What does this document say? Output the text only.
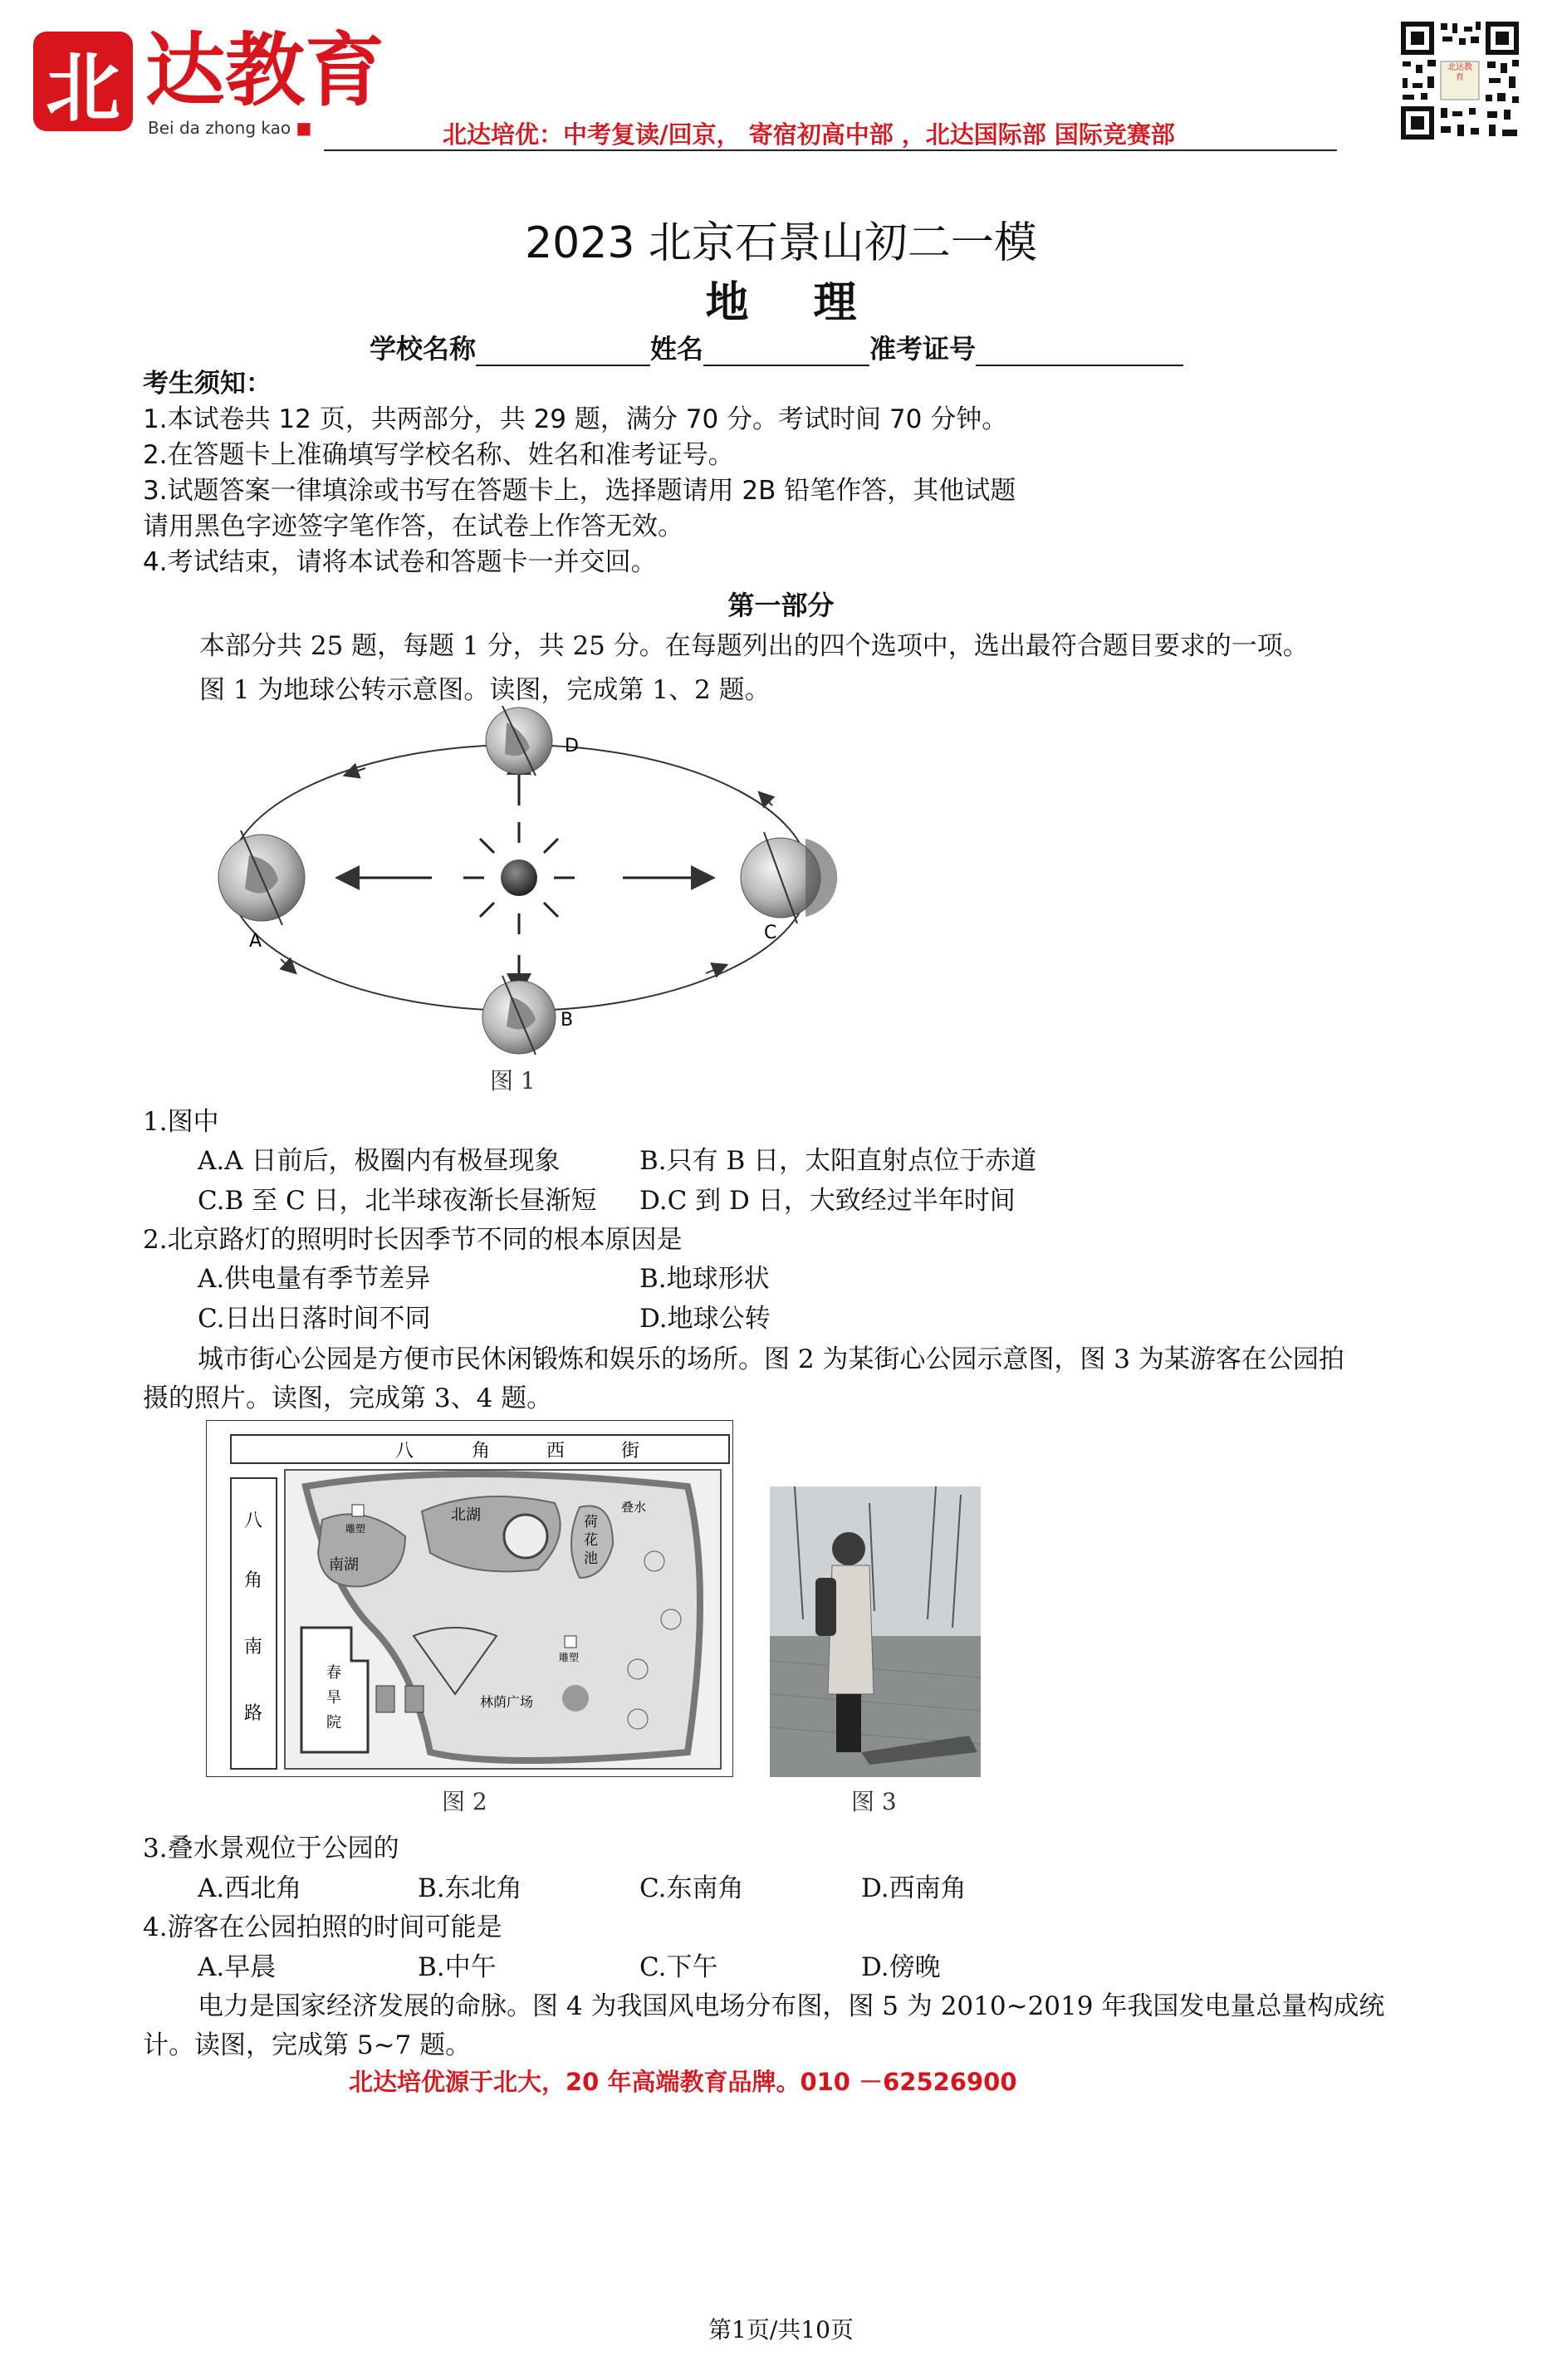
北 达教育
Bei da zhong kao ■	北达培优：中考复读/回京， 寄宿初高中部 ，北达国际部 国际竞赛部
北达教育
2023 北京石景山初二一模
地 理
学校名称	姓名	准考证号
考生须知：
1.本试卷共 12 页，共两部分，共 29 题，满分 70 分。考试时间 70 分钟。
2.在答题卡上准确填写学校名称、姓名和准考证号。
3.试题答案一律填涂或书写在答题卡上，选择题请用 2B 铅笔作答，其他试题
请用黑色字迹签字笔作答，在试卷上作答无效。
4.考试结束，请将本试卷和答题卡一并交回。
第一部分
本部分共 25 题，每题 1 分，共 25 分。在每题列出的四个选项中，选出最符合题目要求的一项。
图 1 为地球公转示意图。读图，完成第 1、2 题。
D
A	C
B
图 1
1.图中
A.A 日前后，极圈内有极昼现象	B.只有 B 日，太阳直射点位于赤道
C.B 至 C 日，北半球夜渐长昼渐短 D.C 到 D 日，大致经过半年时间
2.北京路灯的照明时长因季节不同的根本原因是
A.供电量有季节差异	B.地球形状
C.日出日落时间不同	D.地球公转
城市街心公园是方便市民休闲锻炼和娱乐的场所。图 2 为某街心公园示意图，图 3 为某游客在公园拍
摄的照片。读图，完成第 3、4 题。
八	角	西	街
八
角
南
路
南湖
北湖	荷
花
池
叠水
雕塑
雕塑
林荫广场
春
旱
院
图 2	图 3
3.叠水景观位于公园的
A.西北角	B.东北角	C.东南角	D.西南角
4.游客在公园拍照的时间可能是
A.早晨	B.中午	C.下午	D.傍晚
电力是国家经济发展的命脉。图 4 为我国风电场分布图，图 5 为 2010~2019 年我国发电量总量构成统
计。读图，完成第 5~7 题。
北达培优源于北大，20 年高端教育品牌。010 －62526900
第1页/共10页
